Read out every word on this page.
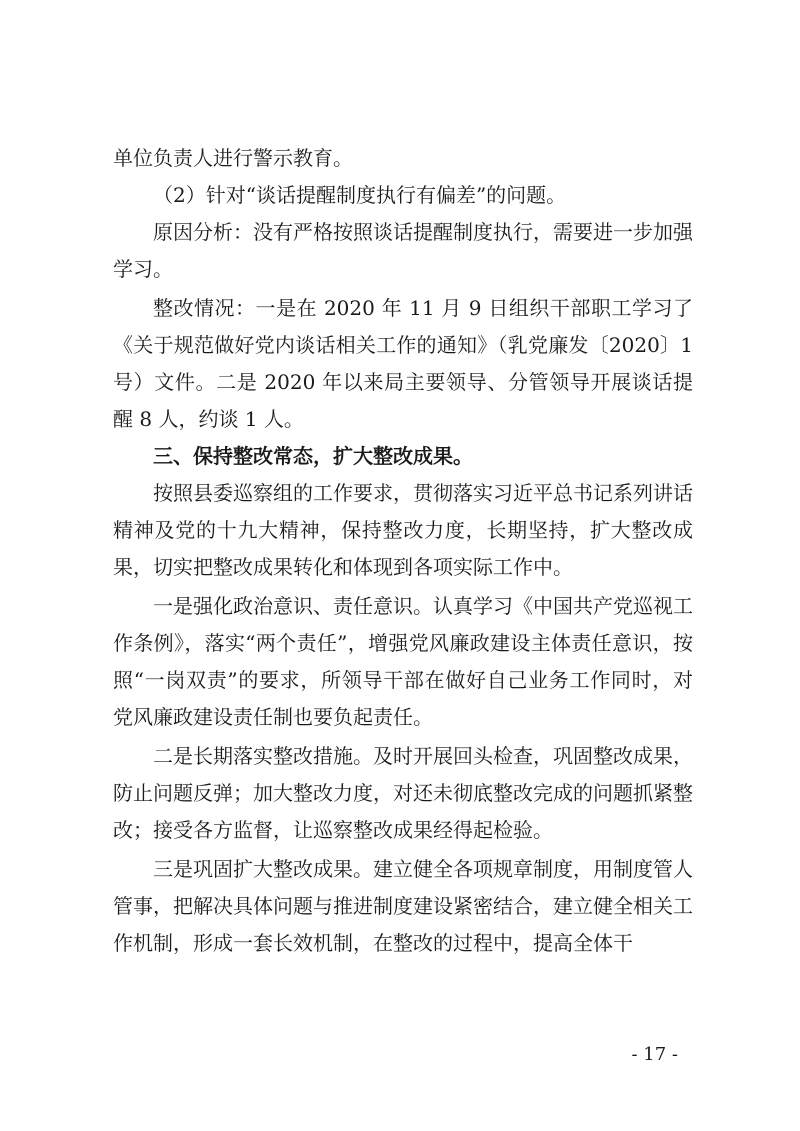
单位负责人进行警示教育。

（2）针对“谈话提醒制度执行有偏差”的问题。

原因分析：没有严格按照谈话提醒制度执行，需要进一步加强学习。

整改情况：一是在 2020 年 11 月 9 日组织干部职工学习了《关于规范做好党内谈话相关工作的通知》（乳党廉发〔2020〕1 号）文件。二是 2020 年以来局主要领导、分管领导开展谈话提醒 8 人，约谈 1 人。

三、保持整改常态，扩大整改成果。

按照县委巡察组的工作要求，贯彻落实习近平总书记系列讲话精神及党的十九大精神，保持整改力度，长期坚持，扩大整改成果，切实把整改成果转化和体现到各项实际工作中。

一是强化政治意识、责任意识。认真学习《中国共产党巡视工作条例》，落实“两个责任”，增强党风廉政建设主体责任意识，按照“一岗双责”的要求，所领导干部在做好自己业务工作同时，对党风廉政建设责任制也要负起责任。

二是长期落实整改措施。及时开展回头检查，巩固整改成果，防止问题反弹；加大整改力度，对还未彻底整改完成的问题抓紧整改；接受各方监督，让巡察整改成果经得起检验。

三是巩固扩大整改成果。建立健全各项规章制度，用制度管人管事，把解决具体问题与推进制度建设紧密结合，建立健全相关工作机制，形成一套长效机制，在整改的过程中，提高全体干

- 17 -
